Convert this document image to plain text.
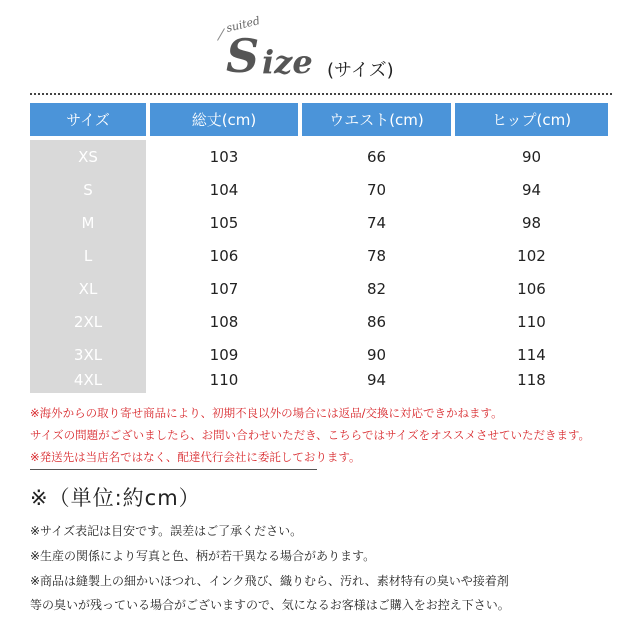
suited
S ize (サイズ)
サイズ	総丈(cm)	ウエスト(cm)	ヒップ(cm)
XS	103	66	90
S	104	70	94
M	105	74	98
L	106	78	102
XL	107	82	106
2XL	108	86	110
3XL	109	90	114
4XL	110	94	118
※海外からの取り寄せ商品により、初期不良以外の場合には返品/交換に対応できかねます。
サイズの問題がございましたら、お問い合わせいただき、こちらではサイズをオススメさせていただきます。
※発送先は当店名ではなく、配達代行会社に委託しております。
※（単位:約cm）
※サイズ表記は目安です。誤差はご了承ください。
※生産の関係により写真と色、柄が若干異なる場合があります。
※商品は縫製上の細かいほつれ、インク飛び、織りむら、汚れ、素材特有の臭いや接着剤
等の臭いが残っている場合がございますので、気になるお客様はご購入をお控え下さい。
